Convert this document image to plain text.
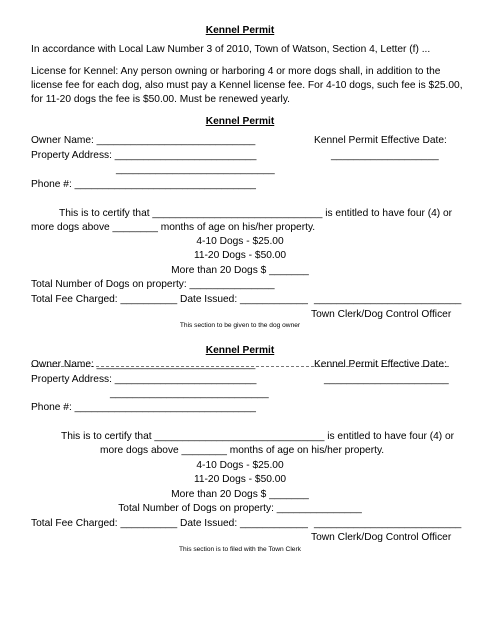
Kennel Permit
In accordance with Local Law Number 3 of 2010, Town of Watson, Section 4, Letter (f) ...
License for Kennel: Any person owning or harboring 4 or more dogs shall, in addition to the
license fee for each dog, also must pay a Kennel license fee. For 4-10 dogs, such fee is $25.00,
for 11-20 dogs the fee is $50.00. Must be renewed yearly.
Kennel Permit
Owner Name: ____________________________	Kennel Permit Effective Date:
___________________
Property Address: _________________________
____________________________
Phone #: ________________________________
This is to certify that ______________________________ is entitled to have four (4) or
more dogs above ________ months of age on his/her property.
4-10 Dogs - $25.00
11-20 Dogs - $50.00
More than 20 Dogs $ _______
Total Number of Dogs on property: _______________
Total Fee Charged: __________ Date Issued: ____________ __________________________
Town Clerk/Dog Control Officer
This section to be given to the dog owner
Kennel Permit
Owner Name: ____________________________	Kennel Permit Effective Date:
______________________
Property Address: _________________________
____________________________
Phone #: ________________________________
This is to certify that ______________________________ is entitled to have four (4) or
more dogs above ________ months of age on his/her property.
4-10 Dogs - $25.00
11-20 Dogs - $50.00
More than 20 Dogs $ _______
Total Number of Dogs on property: _______________
Total Fee Charged: __________ Date Issued: ____________ __________________________
Town Clerk/Dog Control Officer
This section is to filed with the Town Clerk
